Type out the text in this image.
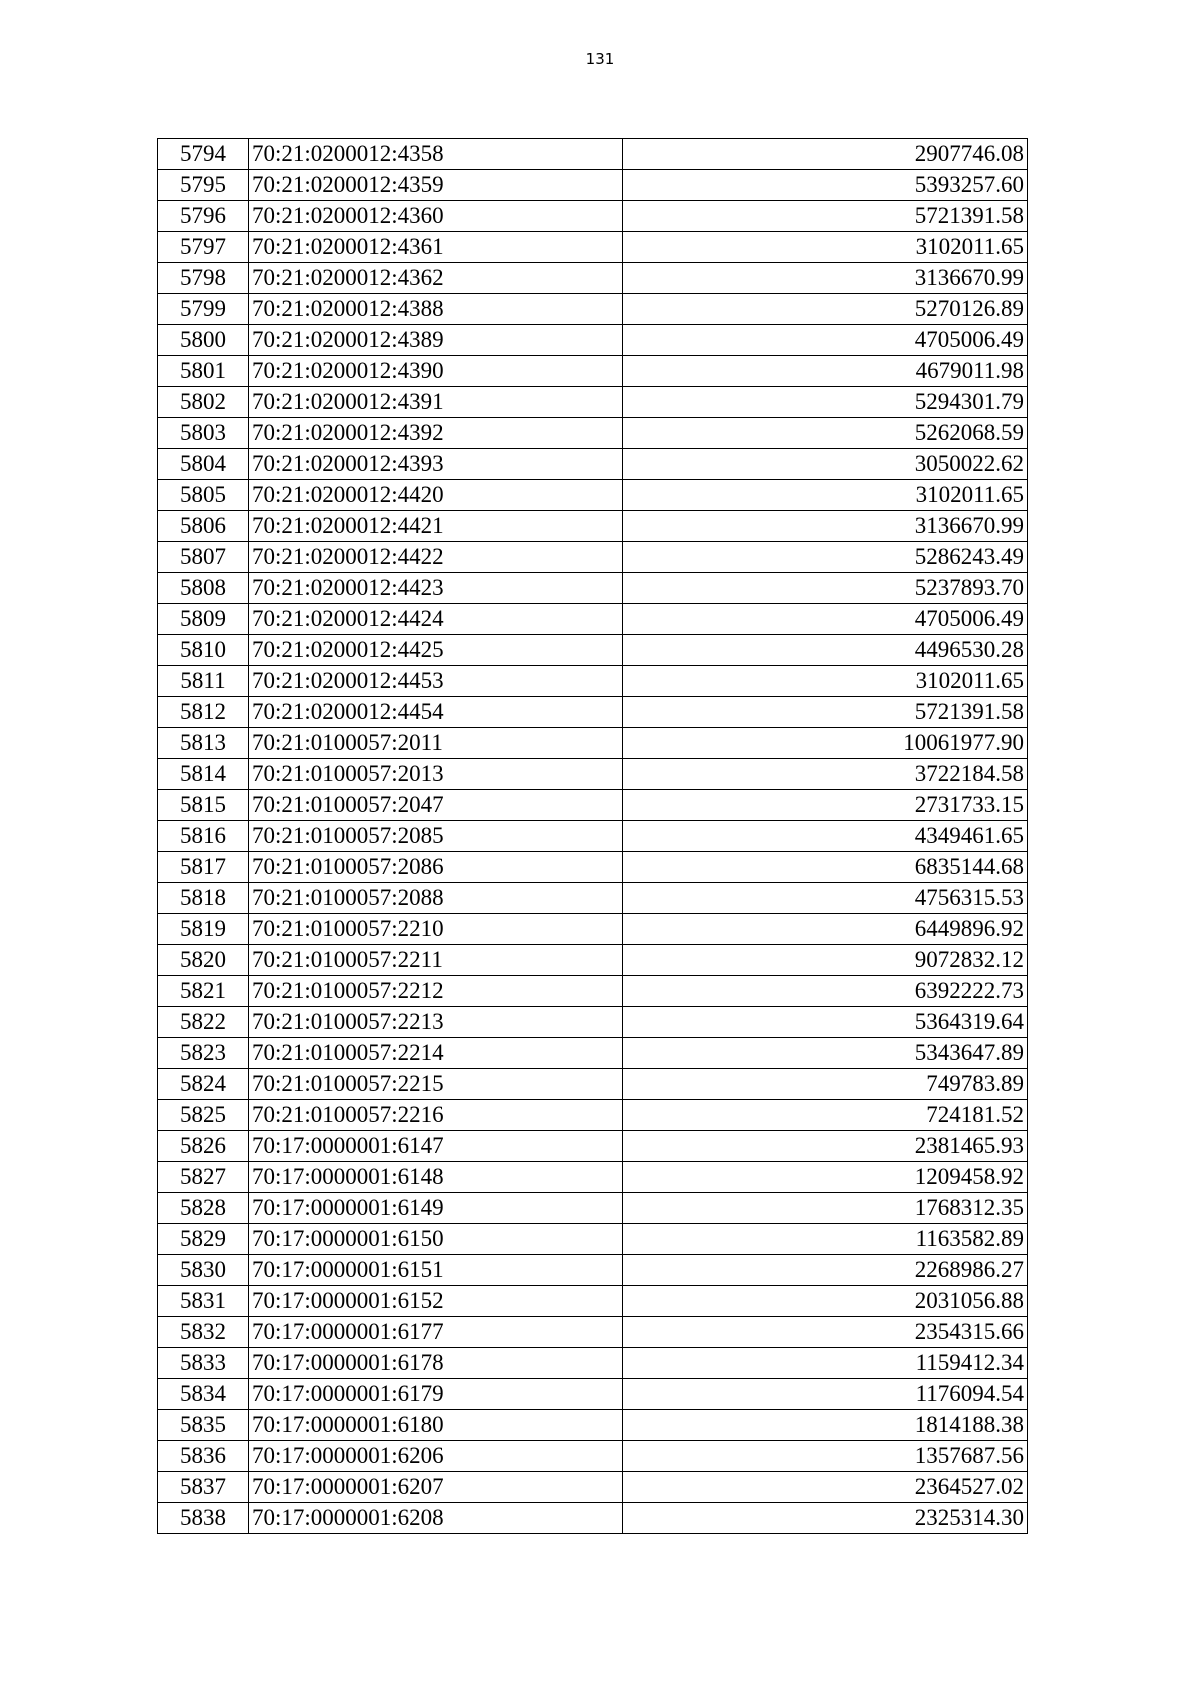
131
5794	70:21:0200012:4358	2907746.08
5795	70:21:0200012:4359	5393257.60
5796	70:21:0200012:4360	5721391.58
5797	70:21:0200012:4361	3102011.65
5798	70:21:0200012:4362	3136670.99
5799	70:21:0200012:4388	5270126.89
5800	70:21:0200012:4389	4705006.49
5801	70:21:0200012:4390	4679011.98
5802	70:21:0200012:4391	5294301.79
5803	70:21:0200012:4392	5262068.59
5804	70:21:0200012:4393	3050022.62
5805	70:21:0200012:4420	3102011.65
5806	70:21:0200012:4421	3136670.99
5807	70:21:0200012:4422	5286243.49
5808	70:21:0200012:4423	5237893.70
5809	70:21:0200012:4424	4705006.49
5810	70:21:0200012:4425	4496530.28
5811	70:21:0200012:4453	3102011.65
5812	70:21:0200012:4454	5721391.58
5813	70:21:0100057:2011	10061977.90
5814	70:21:0100057:2013	3722184.58
5815	70:21:0100057:2047	2731733.15
5816	70:21:0100057:2085	4349461.65
5817	70:21:0100057:2086	6835144.68
5818	70:21:0100057:2088	4756315.53
5819	70:21:0100057:2210	6449896.92
5820	70:21:0100057:2211	9072832.12
5821	70:21:0100057:2212	6392222.73
5822	70:21:0100057:2213	5364319.64
5823	70:21:0100057:2214	5343647.89
5824	70:21:0100057:2215	749783.89
5825	70:21:0100057:2216	724181.52
5826	70:17:0000001:6147	2381465.93
5827	70:17:0000001:6148	1209458.92
5828	70:17:0000001:6149	1768312.35
5829	70:17:0000001:6150	1163582.89
5830	70:17:0000001:6151	2268986.27
5831	70:17:0000001:6152	2031056.88
5832	70:17:0000001:6177	2354315.66
5833	70:17:0000001:6178	1159412.34
5834	70:17:0000001:6179	1176094.54
5835	70:17:0000001:6180	1814188.38
5836	70:17:0000001:6206	1357687.56
5837	70:17:0000001:6207	2364527.02
5838	70:17:0000001:6208	2325314.30
